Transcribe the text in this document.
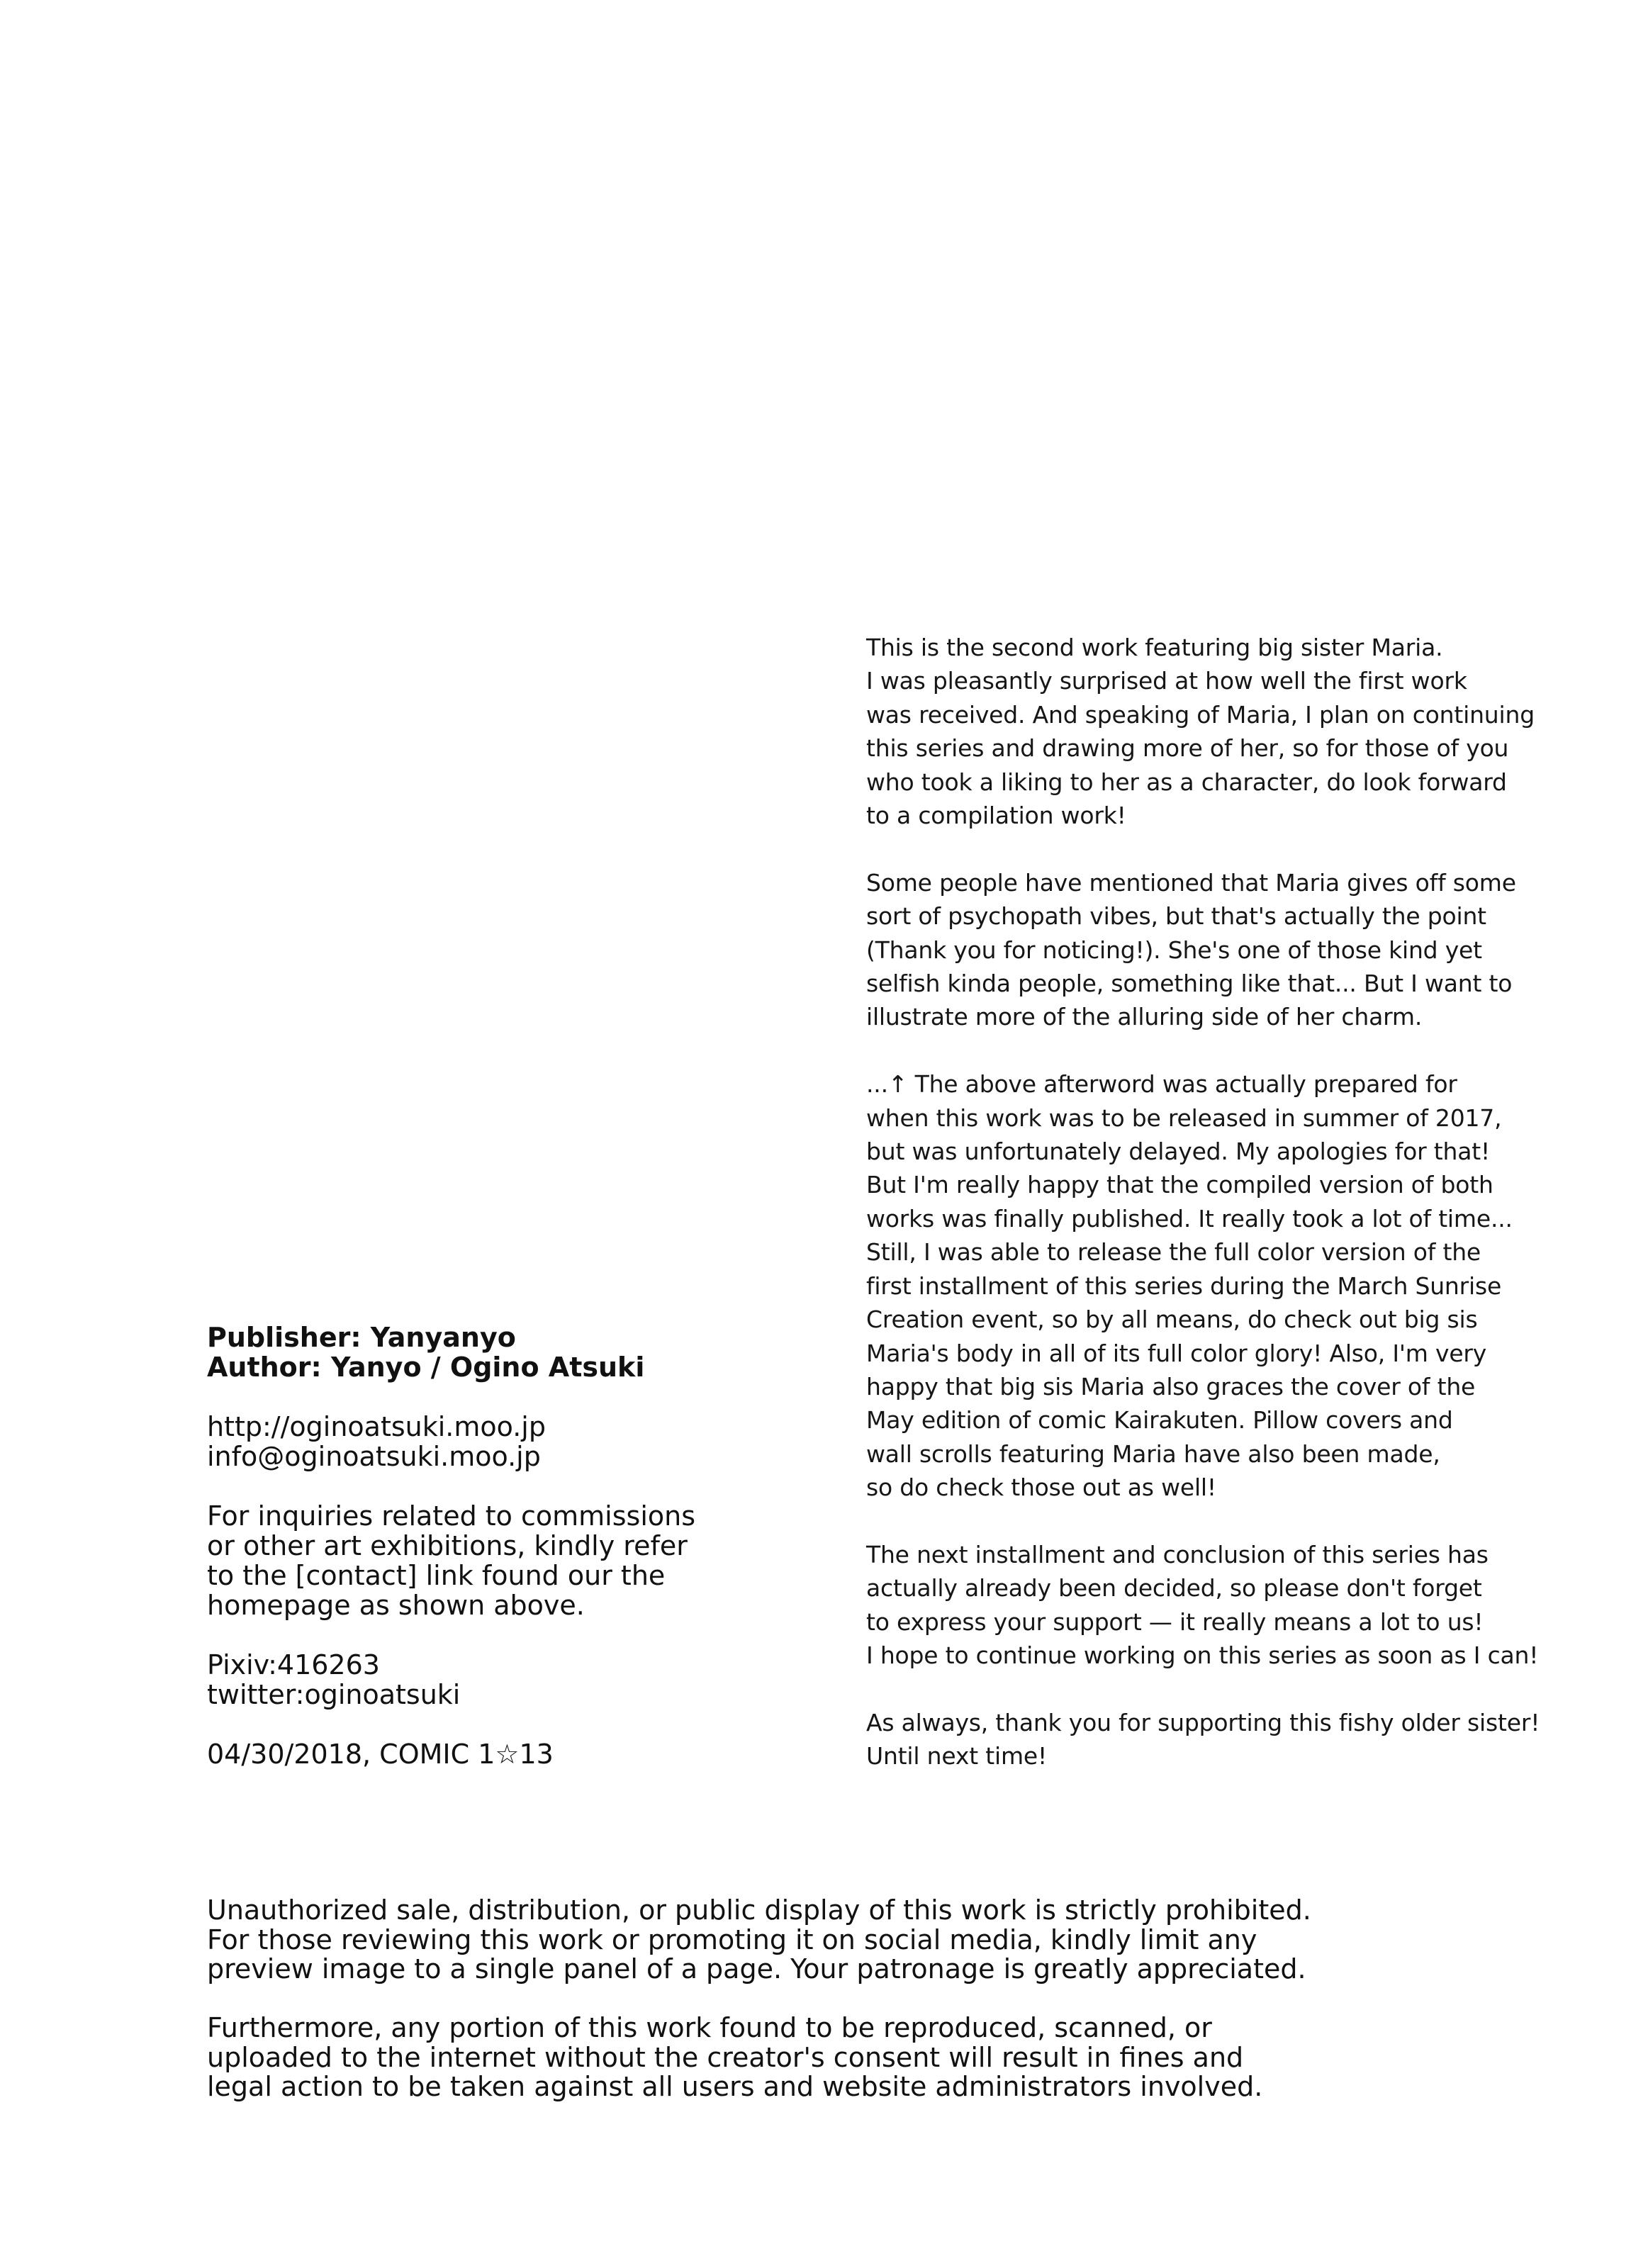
This is the second work featuring big sister Maria.
I was pleasantly surprised at how well the first work
was received. And speaking of Maria, I plan on continuing
this series and drawing more of her, so for those of you
who took a liking to her as a character, do look forward
to a compilation work!
Some people have mentioned that Maria gives off some
sort of psychopath vibes, but that's actually the point
(Thank you for noticing!). She's one of those kind yet
selfish kinda people, something like that... But I want to
illustrate more of the alluring side of her charm.
...↑ The above afterword was actually prepared for
when this work was to be released in summer of 2017,
but was unfortunately delayed. My apologies for that!
But I'm really happy that the compiled version of both
works was finally published. It really took a lot of time...
Still, I was able to release the full color version of the
first installment of this series during the March Sunrise
Creation event, so by all means, do check out big sis
Maria's body in all of its full color glory! Also, I'm very
happy that big sis Maria also graces the cover of the
May edition of comic Kairakuten. Pillow covers and
wall scrolls featuring Maria have also been made,
so do check those out as well!
The next installment and conclusion of this series has
actually already been decided, so please don't forget
to express your support — it really means a lot to us!
I hope to continue working on this series as soon as I can!
As always, thank you for supporting this fishy older sister!
Until next time!
Publisher: Yanyanyo
Author: Yanyo / Ogino Atsuki
http://oginoatsuki.moo.jp
info@oginoatsuki.moo.jp
For inquiries related to commissions
or other art exhibitions, kindly refer
to the [contact] link found our the
homepage as shown above.
Pixiv:416263
twitter:oginoatsuki
04/30/2018, COMIC 1☆13
Unauthorized sale, distribution, or public display of this work is strictly prohibited.
For those reviewing this work or promoting it on social media, kindly limit any
preview image to a single panel of a page. Your patronage is greatly appreciated.
Furthermore, any portion of this work found to be reproduced, scanned, or
uploaded to the internet without the creator's consent will result in fines and
legal action to be taken against all users and website administrators involved.
